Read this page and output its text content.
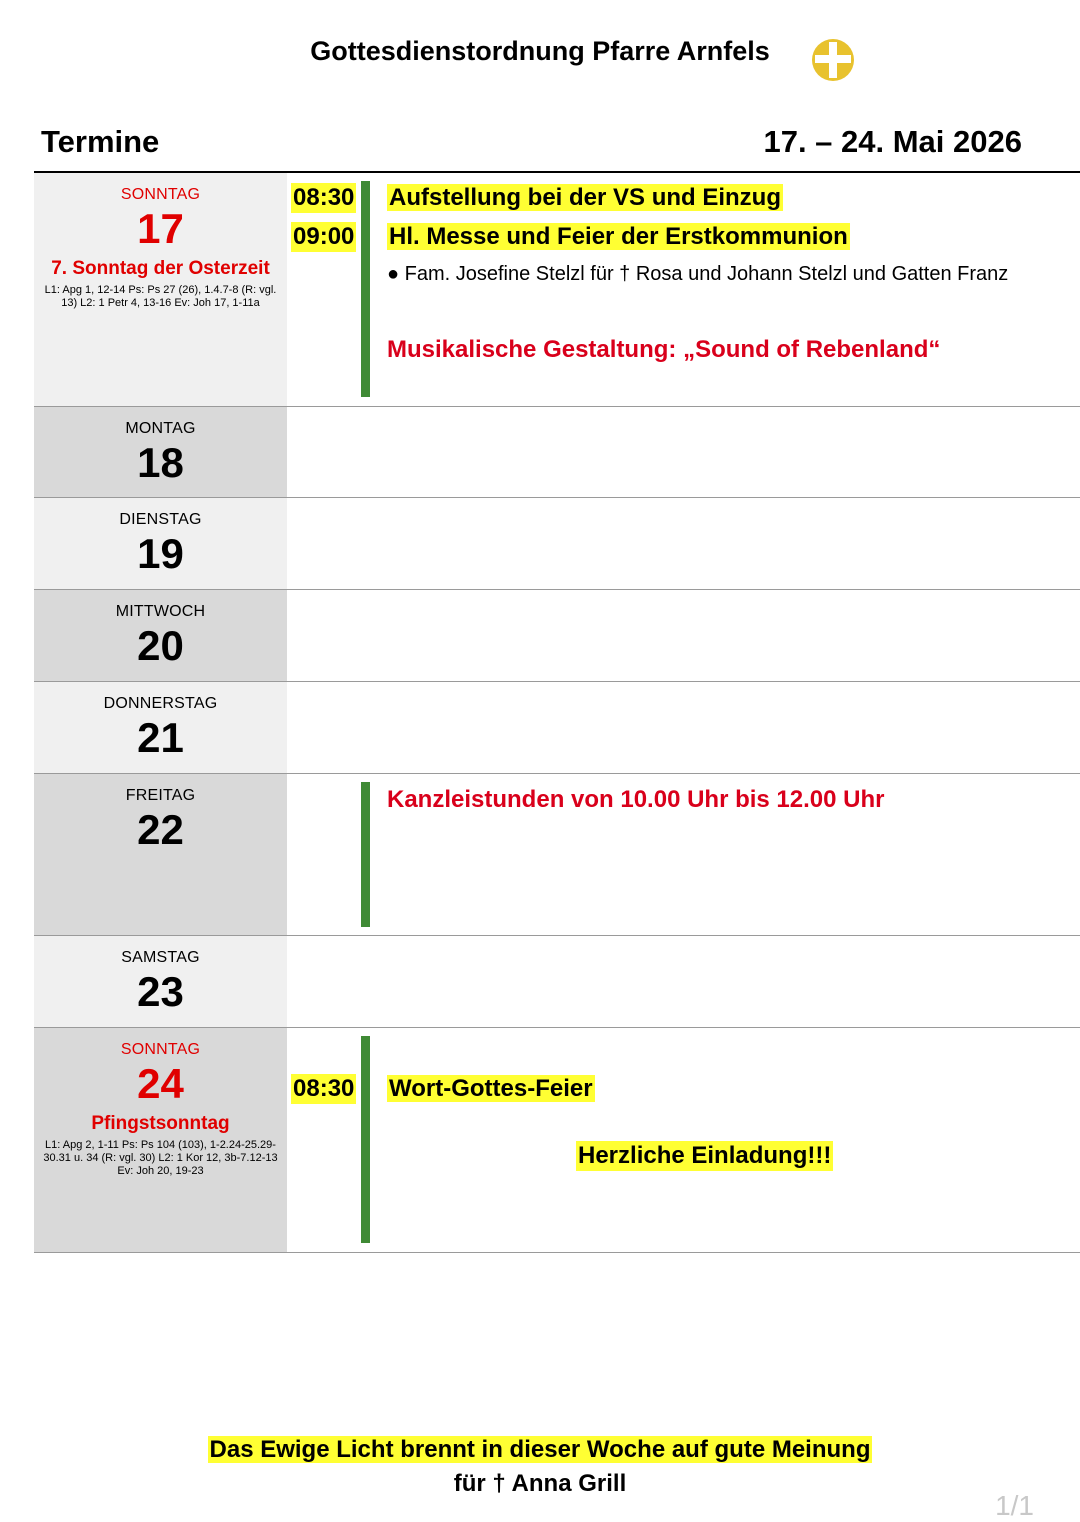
Gottesdienstordnung Pfarre Arnfels
Termine	17. – 24. Mai 2026
SONNTAG
17
7. Sonntag der Osterzeit
L1: Apg 1, 12-14 Ps: Ps 27 (26), 1.4.7-8 (R: vgl. 13) L2: 1 Petr 4, 13-16 Ev: Joh 17, 1-11a
08:30 Aufstellung bei der VS und Einzug
09:00 Hl. Messe und Feier der Erstkommunion
● Fam. Josefine Stelzl für † Rosa und Johann Stelzl und Gatten Franz
Musikalische Gestaltung: „Sound of Rebenland“
MONTAG
18
DIENSTAG
19
MITTWOCH
20
DONNERSTAG
21
FREITAG
22
Kanzleistunden von 10.00 Uhr bis 12.00 Uhr
SAMSTAG
23
SONNTAG
24
Pfingstsonntag
L1: Apg 2, 1-11 Ps: Ps 104 (103), 1-2.24-25.29-30.31 u. 34 (R: vgl. 30) L2: 1 Kor 12, 3b-7.12-13 Ev: Joh 20, 19-23
08:30 Wort-Gottes-Feier
Herzliche Einladung!!!
Das Ewige Licht brennt in dieser Woche auf gute Meinung
für † Anna Grill
1/1
